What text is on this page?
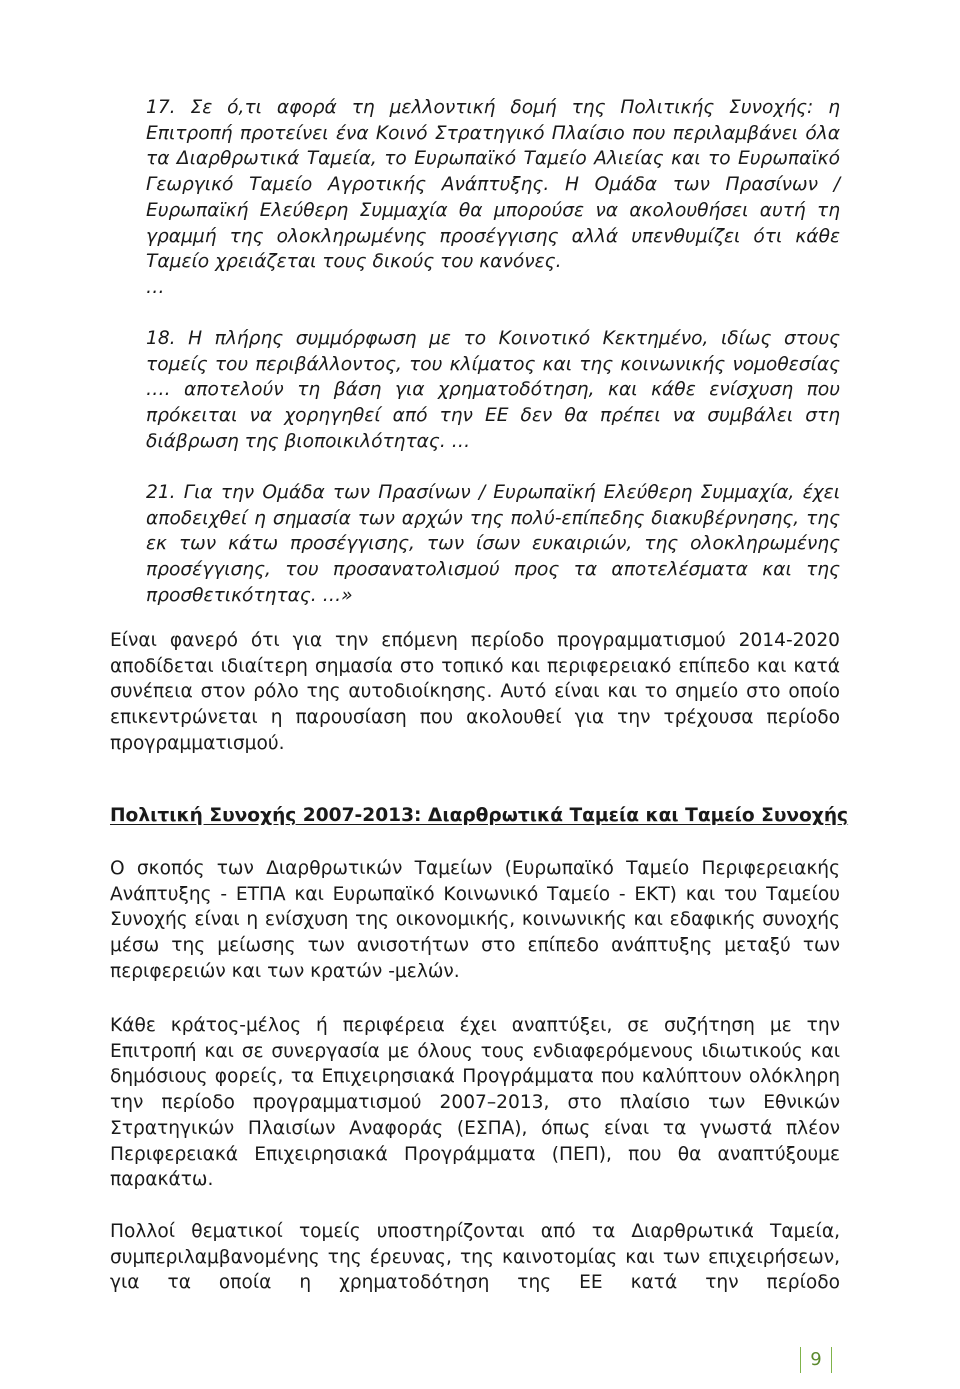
17. Σε ό,τι αφορά τη μελλοντική δομή της Πολιτικής Συνοχής: η Επιτροπή προτείνει ένα Κοινό Στρατηγικό Πλαίσιο που περιλαμβάνει όλα τα Διαρθρωτικά Ταμεία, το Ευρωπαϊκό Ταμείο Αλιείας και το Ευρωπαϊκό Γεωργικό Ταμείο Αγροτικής Ανάπτυξης. Η Ομάδα των Πρασίνων / Ευρωπαϊκή Ελεύθερη Συμμαχία θα μπορούσε να ακολουθήσει αυτή τη γραμμή της ολοκληρωμένης προσέγγισης αλλά υπενθυμίζει ότι κάθε Ταμείο χρειάζεται τους δικούς του κανόνες.
…

18. Η πλήρης συμμόρφωση με το Κοινοτικό Κεκτημένο, ιδίως στους τομείς του περιβάλλοντος, του κλίματος και της κοινωνικής νομοθεσίας …. αποτελούν τη βάση για χρηματοδότηση, και κάθε ενίσχυση που πρόκειται να χορηγηθεί από την ΕΕ δεν θα πρέπει να συμβάλει στη διάβρωση της βιοποικιλότητας. …

21. Για την Ομάδα των Πρασίνων / Ευρωπαϊκή Ελεύθερη Συμμαχία, έχει αποδειχθεί η σημασία των αρχών της πολύ-επίπεδης διακυβέρνησης, της εκ των κάτω προσέγγισης, των ίσων ευκαιριών, της ολοκληρωμένης προσέγγισης, του προσανατολισμού προς τα αποτελέσματα και της προσθετικότητας. …»

Είναι φανερό ότι για την επόμενη περίοδο προγραμματισμού 2014-2020 αποδίδεται ιδιαίτερη σημασία στο τοπικό και περιφερειακό επίπεδο και κατά συνέπεια στον ρόλο της αυτοδιοίκησης. Αυτό είναι και το σημείο στο οποίο επικεντρώνεται η παρουσίαση που ακολουθεί για την τρέχουσα περίοδο προγραμματισμού.

Πολιτική Συνοχής 2007-2013: Διαρθρωτικά Ταμεία και Ταμείο Συνοχής

Ο σκοπός των Διαρθρωτικών Ταμείων (Ευρωπαϊκό Ταμείο Περιφερειακής Ανάπτυξης - ΕΤΠΑ και Ευρωπαϊκό Κοινωνικό Ταμείο - ΕΚΤ) και του Ταμείου Συνοχής είναι η ενίσχυση της οικονομικής, κοινωνικής και εδαφικής συνοχής μέσω της μείωσης των ανισοτήτων στο επίπεδο ανάπτυξης μεταξύ των περιφερειών και των κρατών -μελών.

Κάθε κράτος-μέλος ή περιφέρεια έχει αναπτύξει, σε συζήτηση με την Επιτροπή και σε συνεργασία με όλους τους ενδιαφερόμενους ιδιωτικούς και δημόσιους φορείς, τα Επιχειρησιακά Προγράμματα που καλύπτουν ολόκληρη την περίοδο προγραμματισμού 2007–2013, στο πλαίσιο των Εθνικών Στρατηγικών Πλαισίων Αναφοράς (ΕΣΠΑ), όπως είναι τα γνωστά πλέον Περιφερειακά Επιχειρησιακά Προγράμματα (ΠΕΠ), που θα αναπτύξουμε παρακάτω.

Πολλοί θεματικοί τομείς υποστηρίζονται από τα Διαρθρωτικά Ταμεία, συμπεριλαμβανομένης της έρευνας, της καινοτομίας και των επιχειρήσεων, για τα οποία η χρηματοδότηση της ΕΕ κατά την περίοδο

9
